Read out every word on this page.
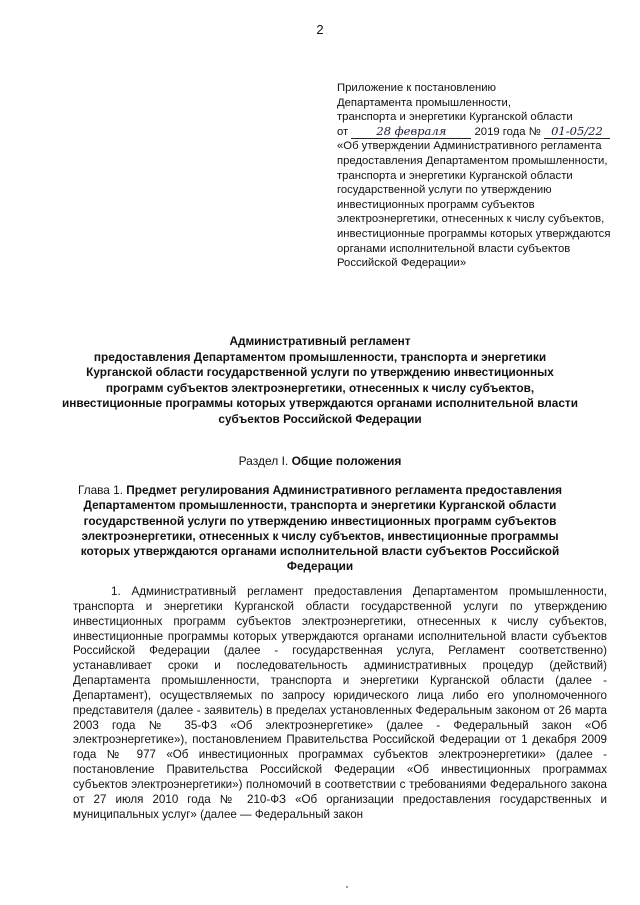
2
Приложение к постановлению
Департамента промышленности,
транспорта и энергетики Курганской области
от 28 февраля 2019 года № 01-05/22
«Об утверждении Административного регламента предоставления Департаментом промышленности, транспорта и энергетики Курганской области государственной услуги по утверждению инвестиционных программ субъектов электроэнергетики, отнесенных к числу субъектов, инвестиционные программы которых утверждаются органами исполнительной власти субъектов Российской Федерации»
Административный регламент
предоставления Департаментом промышленности, транспорта и энергетики Курганской области государственной услуги по утверждению инвестиционных программ субъектов электроэнергетики, отнесенных к числу субъектов, инвестиционные программы которых утверждаются органами исполнительной власти субъектов Российской Федерации
Раздел I. Общие положения
Глава 1. Предмет регулирования Административного регламента предоставления Департаментом промышленности, транспорта и энергетики Курганской области государственной услуги по утверждению инвестиционных программ субъектов электроэнергетики, отнесенных к числу субъектов, инвестиционные программы которых утверждаются органами исполнительной власти субъектов Российской Федерации
1. Административный регламент предоставления Департаментом промышленности, транспорта и энергетики Курганской области государственной услуги по утверждению инвестиционных программ субъектов электроэнергетики, отнесенных к числу субъектов, инвестиционные программы которых утверждаются органами исполнительной власти субъектов Российской Федерации (далее - государственная услуга, Регламент соответственно) устанавливает сроки и последовательность административных процедур (действий) Департамента промышленности, транспорта и энергетики Курганской области (далее - Департамент), осуществляемых по запросу юридического лица либо его уполномоченного представителя (далее - заявитель) в пределах установленных Федеральным законом от 26 марта 2003 года № 35-ФЗ «Об электроэнергетике» (далее - Федеральный закон «Об электроэнергетике»), постановлением Правительства Российской Федерации от 1 декабря 2009 года № 977 «Об инвестиционных программах субъектов электроэнергетики» (далее - постановление Правительства Российской Федерации «Об инвестиционных программах субъектов электроэнергетики») полномочий в соответствии с требованиями Федерального закона от 27 июля 2010 года № 210-ФЗ «Об организации предоставления государственных и муниципальных услуг» (далее — Федеральный закон
